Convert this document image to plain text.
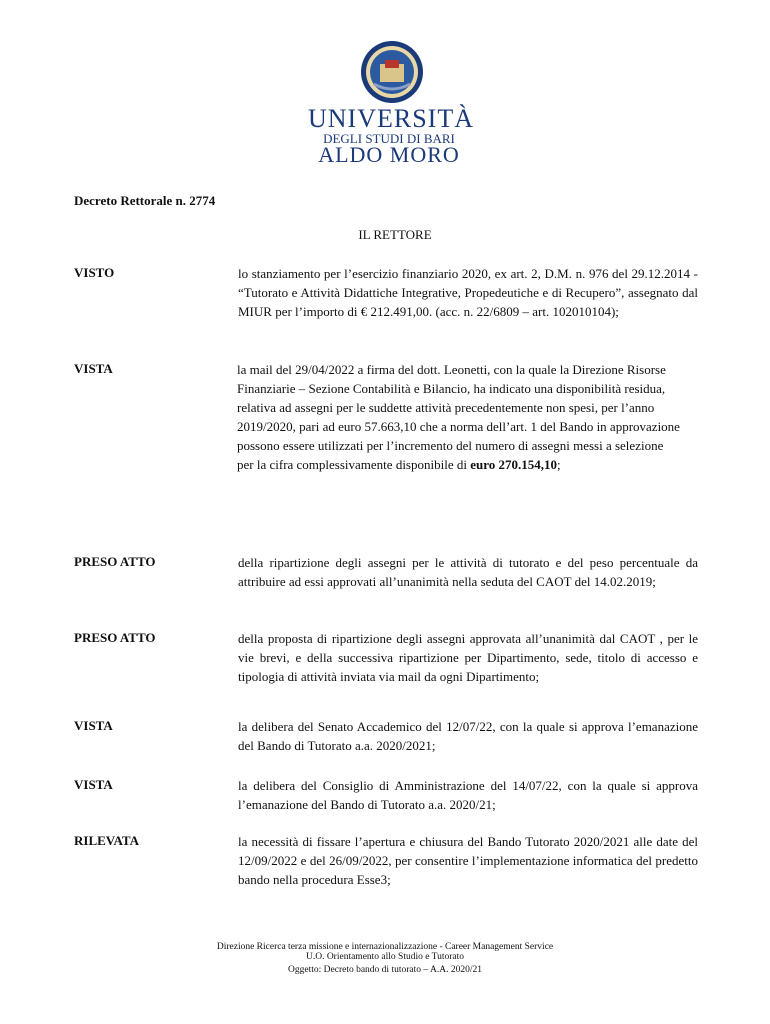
UNIVERSITÀ
DEGLI STUDI DI BARI
ALDO MORO
Decreto Rettorale n. 2774
IL RETTORE
VISTO	lo stanziamento per l’esercizio finanziario 2020, ex art. 2, D.M. n. 976 del 29.12.2014 - “Tutorato e Attività Didattiche Integrative, Propedeutiche e di Recupero”, assegnato dal MIUR per l’importo di € 212.491,00. (acc. n. 22/6809 – art. 102010104);
VISTA	la mail del 29/04/2022 a firma del dott. Leonetti, con la quale la Direzione Risorse Finanziarie – Sezione Contabilità e Bilancio, ha indicato una disponibilità residua, relativa ad assegni per le suddette attività precedentemente non spesi, per l’anno 2019/2020, pari ad euro 57.663,10 che a norma dell’art. 1 del Bando in approvazione possono essere utilizzati per l’incremento del numero di assegni messi a selezione per la cifra complessivamente disponibile di euro 270.154,10;
PRESO ATTO	della ripartizione degli assegni per le attività di tutorato e del peso percentuale da attribuire ad essi approvati all’unanimità nella seduta del CAOT del 14.02.2019;
PRESO ATTO	della proposta di ripartizione degli assegni approvata all’unanimità dal CAOT , per le vie brevi, e della successiva ripartizione per Dipartimento, sede, titolo di accesso e tipologia di attività inviata via mail da ogni Dipartimento;
VISTA	la delibera del Senato Accademico del 12/07/22, con la quale si approva l’emanazione del Bando di Tutorato a.a. 2020/2021;
VISTA	la delibera del Consiglio di Amministrazione del 14/07/22, con la quale si approva l’emanazione del Bando di Tutorato a.a. 2020/21;
RILEVATA	la necessità di fissare l’apertura e chiusura del Bando Tutorato 2020/2021 alle date del 12/09/2022 e del 26/09/2022, per consentire l’implementazione informatica del predetto bando nella procedura Esse3;
Direzione Ricerca terza missione e internazionalizzazione - Career Management Service
U.O. Orientamento allo Studio e Tutorato
Oggetto: Decreto bando di tutorato – A.A. 2020/21
